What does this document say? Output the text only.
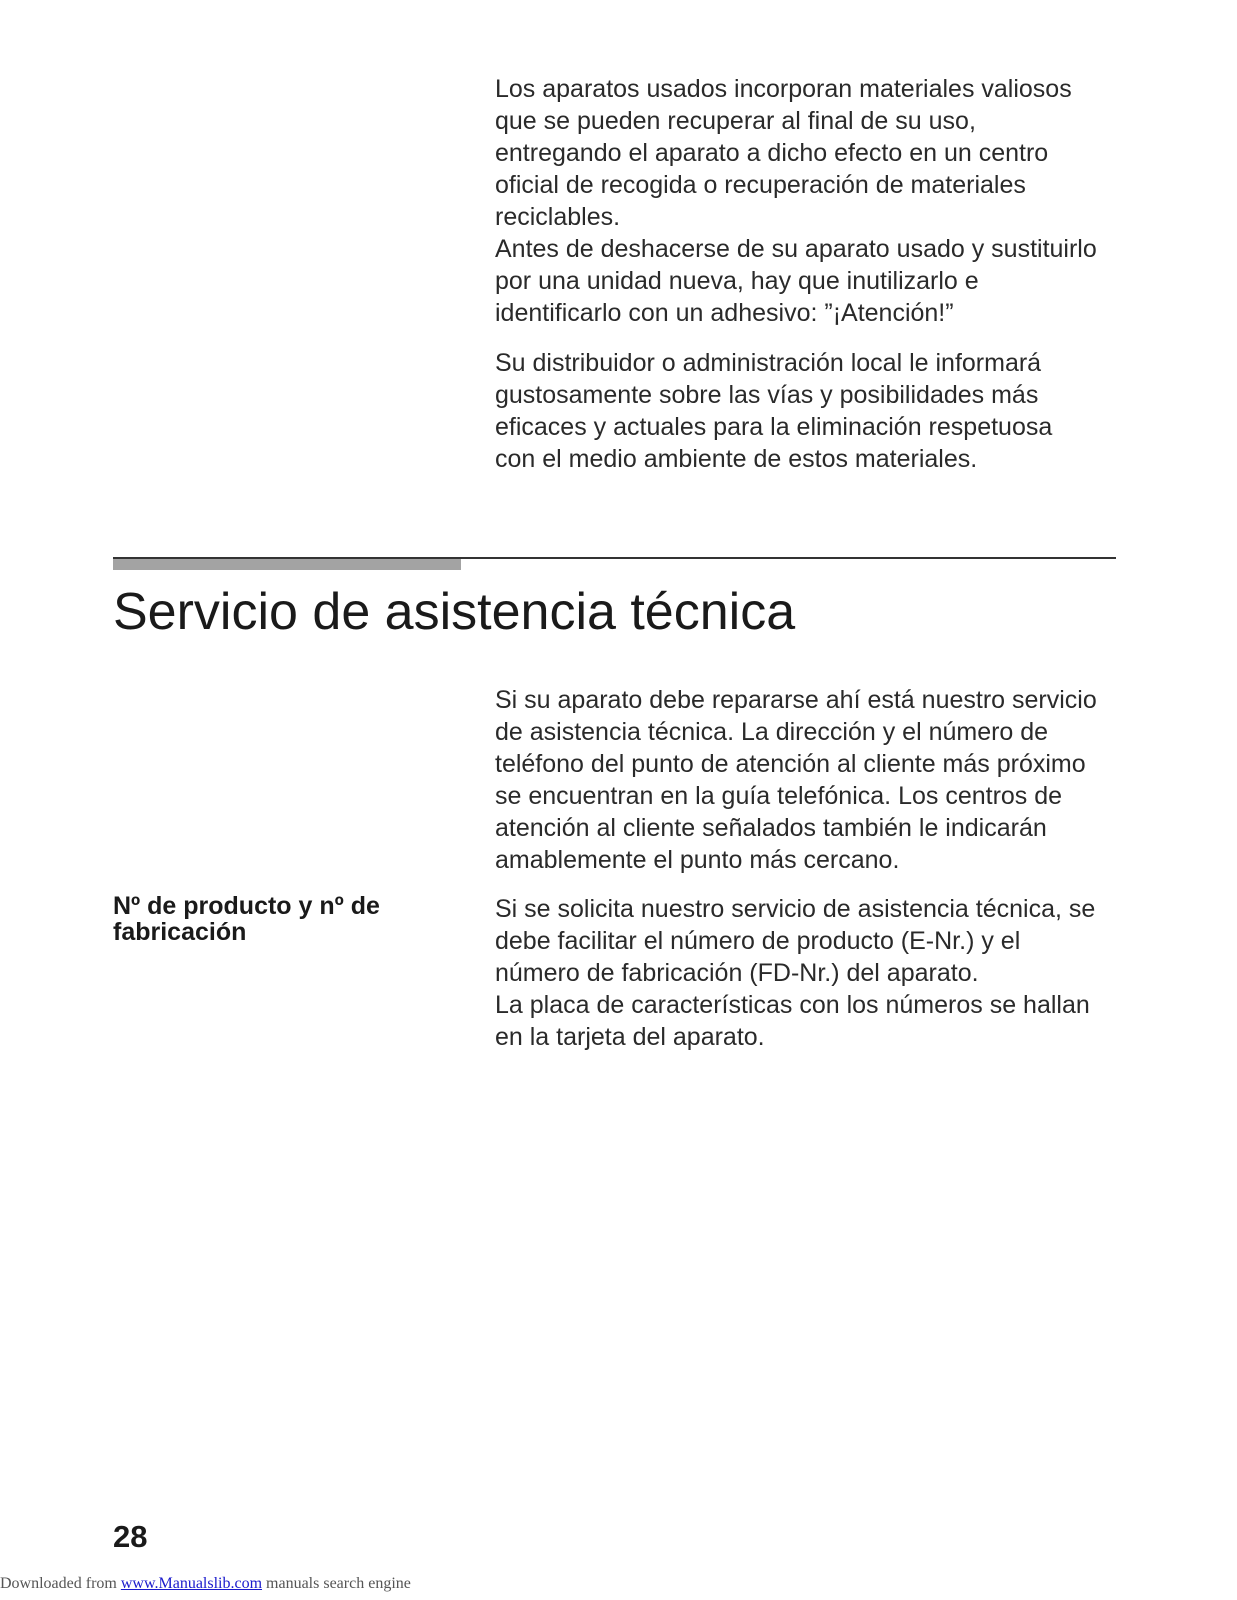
Los aparatos usados incorporan materiales valiosos
que se pueden recuperar al final de su uso,
entregando el aparato a dicho efecto en un centro
oficial de recogida o recuperación de materiales
reciclables.
Antes de deshacerse de su aparato usado y sustituirlo
por una unidad nueva, hay que inutilizarlo e
identificarlo con un adhesivo: ”¡Atención!”
Su distribuidor o administración local le informará
gustosamente sobre las vías y posibilidades más
eficaces y actuales para la eliminación respetuosa
con el medio ambiente de estos materiales.
Servicio de asistencia técnica
Si su aparato debe repararse ahí está nuestro servicio
de asistencia técnica. La dirección y el número de
teléfono del punto de atención al cliente más próximo
se encuentran en la guía telefónica. Los centros de
atención al cliente señalados también le indicarán
amablemente el punto más cercano.
Nº de producto y nº de
fabricación
Si se solicita nuestro servicio de asistencia técnica, se
debe facilitar el número de producto (E-Nr.) y el
número de fabricación (FD-Nr.) del aparato.
La placa de características con los números se hallan
en la tarjeta del aparato.
28
Downloaded from www.Manualslib.com manuals search engine
